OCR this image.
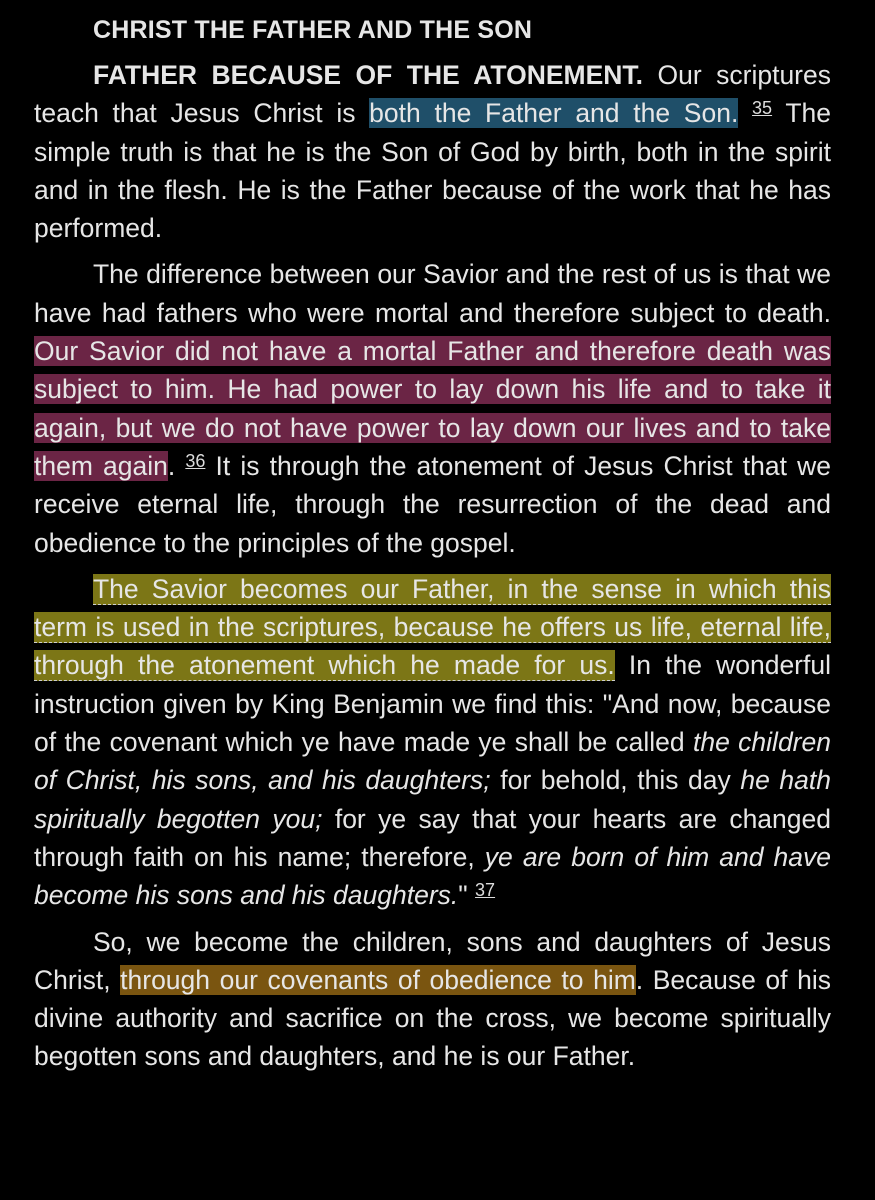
CHRIST THE FATHER AND THE SON

FATHER BECAUSE OF THE ATONEMENT. Our scriptures teach that Jesus Christ is both the Father and the Son. $^{35}$ The simple truth is that he is the Son of God by birth, both in the spirit and in the flesh. He is the Father because of the work that he has performed.

The difference between our Savior and the rest of us is that we have had fathers who were mortal and therefore subject to death. Our Savior did not have a mortal Father and therefore death was subject to him. He had power to lay down his life and to take it again, but we do not have power to lay down our lives and to take them again. $^{36}$ It is through the atonement of Jesus Christ that we receive eternal life, through the resurrection of the dead and obedience to the principles of the gospel.

The Savior becomes our Father, in the sense in which this term is used in the scriptures, because he offers us life, eternal life, through the atonement which he made for us. In the wonderful instruction given by King Benjamin we find this: "And now, because of the covenant which ye have made ye shall be called the children of Christ, his sons, and his daughters; for behold, this day he hath spiritually begotten you; for ye say that your hearts are changed through faith on his name; therefore, ye are born of him and have become his sons and his daughters." $^{37}$

So, we become the children, sons and daughters of Jesus Christ, through our covenants of obedience to him. Because of his divine authority and sacrifice on the cross, we become spiritually begotten sons and daughters, and he is our Father.
